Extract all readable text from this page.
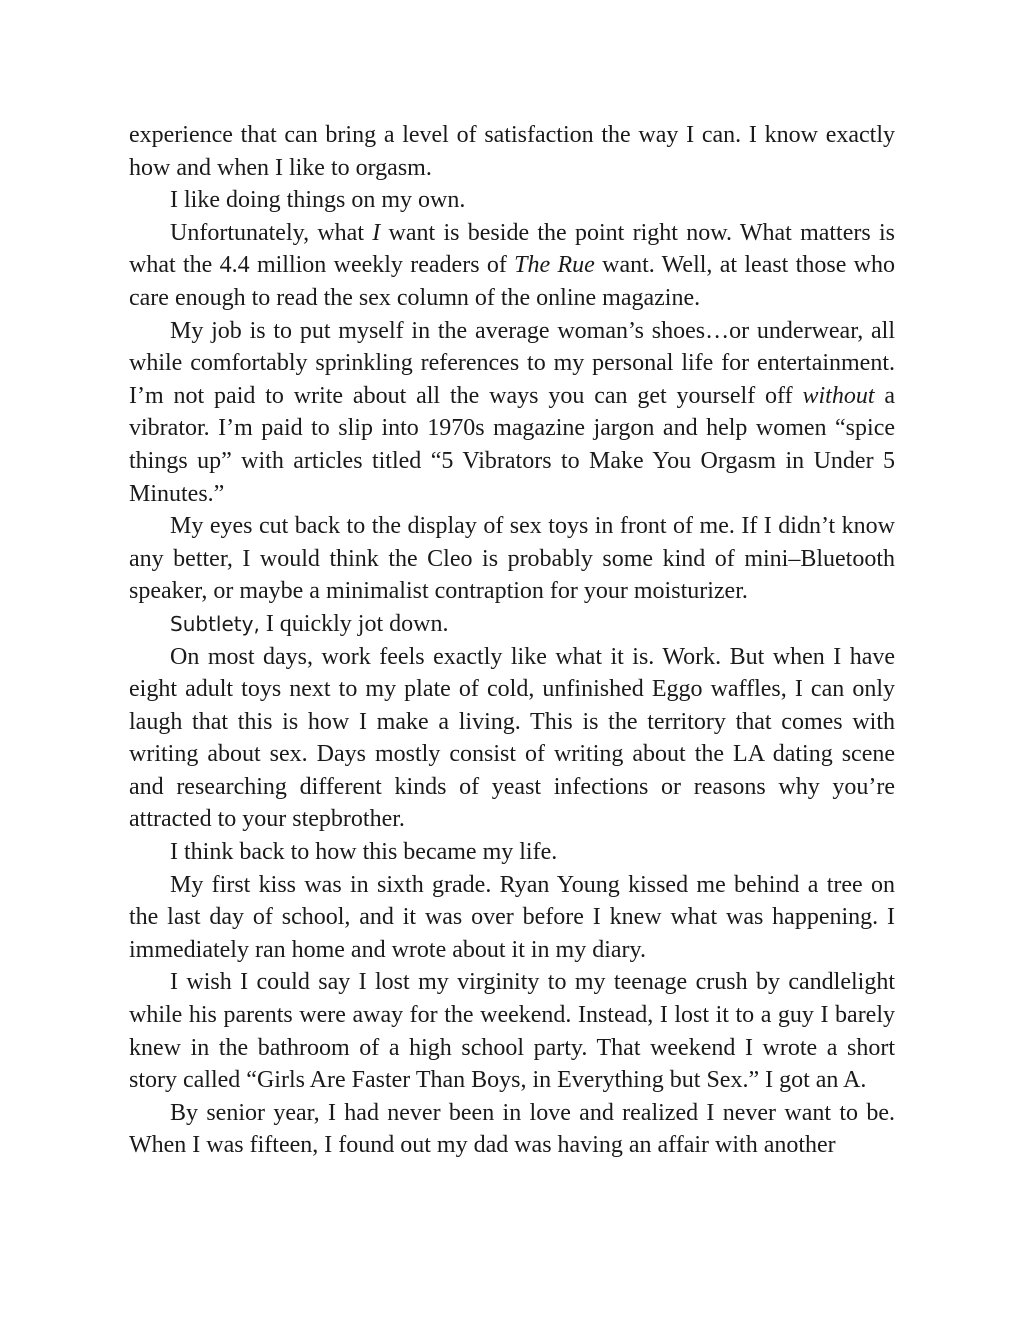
experience that can bring a level of satisfaction the way I can. I know exactly how and when I like to orgasm.

I like doing things on my own.

Unfortunately, what I want is beside the point right now. What matters is what the 4.4 million weekly readers of The Rue want. Well, at least those who care enough to read the sex column of the online magazine.

My job is to put myself in the average woman’s shoes…or underwear, all while comfortably sprinkling references to my personal life for entertainment. I’m not paid to write about all the ways you can get yourself off without a vibrator. I’m paid to slip into 1970s magazine jargon and help women “spice things up” with articles titled “5 Vibrators to Make You Orgasm in Under 5 Minutes.”

My eyes cut back to the display of sex toys in front of me. If I didn’t know any better, I would think the Cleo is probably some kind of mini–Bluetooth speaker, or maybe a minimalist contraption for your moisturizer.

Subtlety, I quickly jot down.

On most days, work feels exactly like what it is. Work. But when I have eight adult toys next to my plate of cold, unfinished Eggo waffles, I can only laugh that this is how I make a living. This is the territory that comes with writing about sex. Days mostly consist of writing about the LA dating scene and researching different kinds of yeast infections or reasons why you’re attracted to your stepbrother.

I think back to how this became my life.

My first kiss was in sixth grade. Ryan Young kissed me behind a tree on the last day of school, and it was over before I knew what was happening. I immediately ran home and wrote about it in my diary.

I wish I could say I lost my virginity to my teenage crush by candlelight while his parents were away for the weekend. Instead, I lost it to a guy I barely knew in the bathroom of a high school party. That weekend I wrote a short story called “Girls Are Faster Than Boys, in Everything but Sex.” I got an A.

By senior year, I had never been in love and realized I never want to be. When I was fifteen, I found out my dad was having an affair with another
